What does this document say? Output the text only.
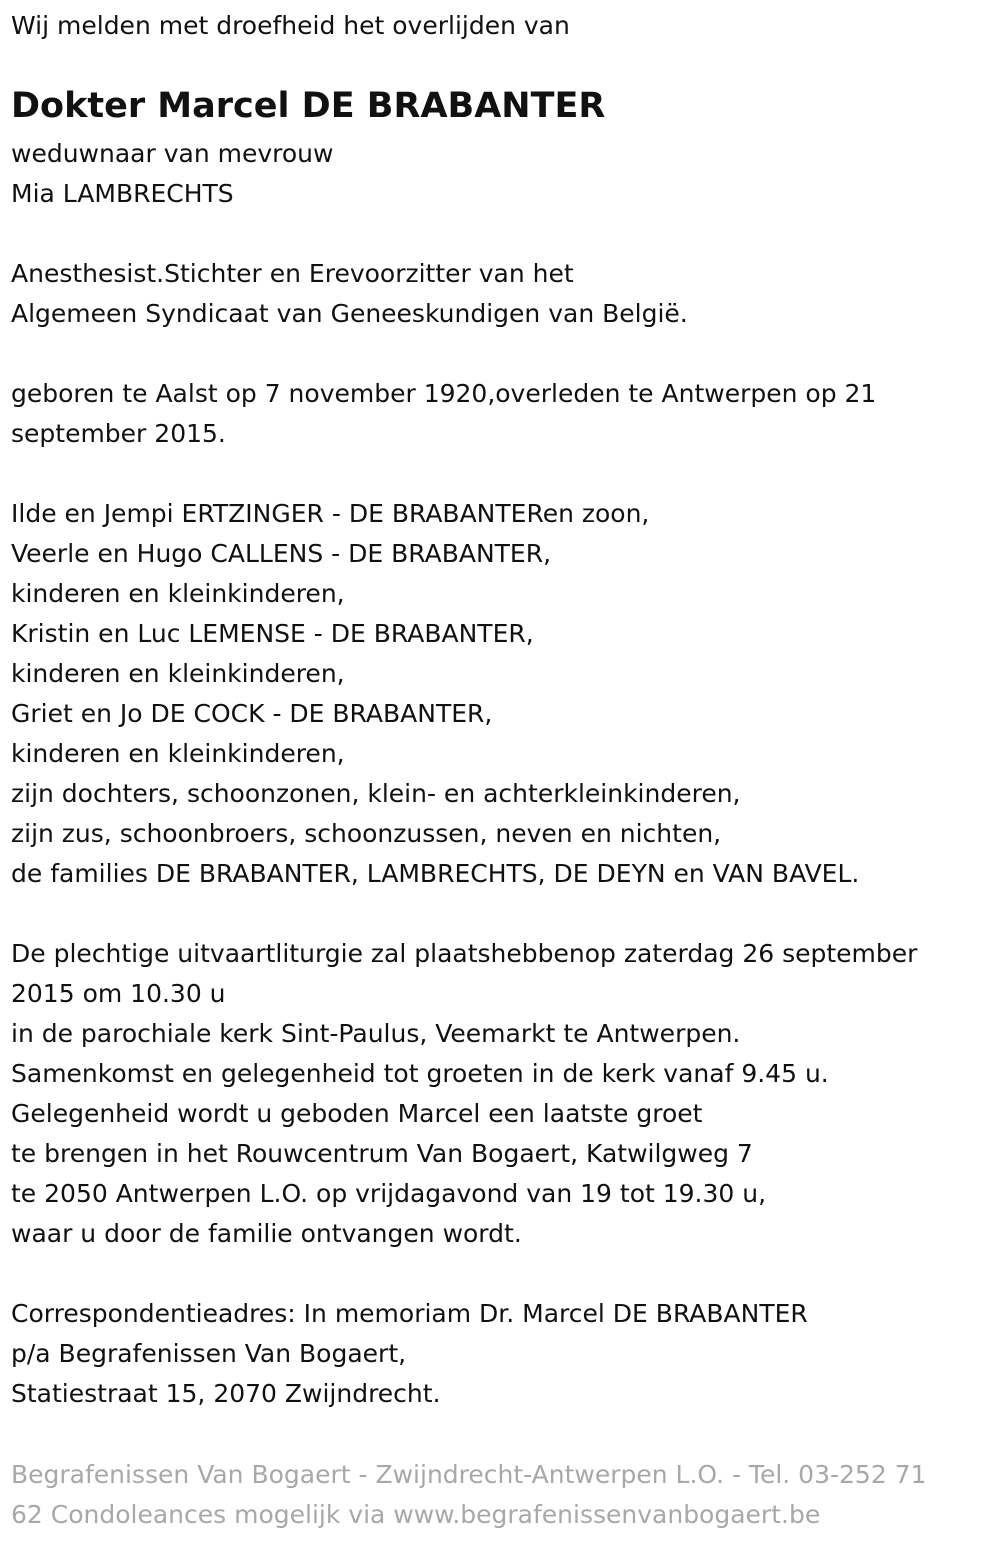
Wij melden met droefheid het overlijden van
Dokter Marcel DE BRABANTER
weduwnaar van mevrouw
Mia LAMBRECHTS
Anesthesist.Stichter en Erevoorzitter van het
Algemeen Syndicaat van Geneeskundigen van België.
geboren te Aalst op 7 november 1920,overleden te Antwerpen op 21
september 2015.
Ilde en Jempi ERTZINGER - DE BRABANTERen zoon,
Veerle en Hugo CALLENS - DE BRABANTER,
kinderen en kleinkinderen,
Kristin en Luc LEMENSE - DE BRABANTER,
kinderen en kleinkinderen,
Griet en Jo DE COCK - DE BRABANTER,
kinderen en kleinkinderen,
zijn dochters, schoonzonen, klein- en achterkleinkinderen,
zijn zus, schoonbroers, schoonzussen, neven en nichten,
de families DE BRABANTER, LAMBRECHTS, DE DEYN en VAN BAVEL.
De plechtige uitvaartliturgie zal plaatshebbenop zaterdag 26 september
2015 om 10.30 u
in de parochiale kerk Sint-Paulus, Veemarkt te Antwerpen.
Samenkomst en gelegenheid tot groeten in de kerk vanaf 9.45 u.
Gelegenheid wordt u geboden Marcel een laatste groet
te brengen in het Rouwcentrum Van Bogaert, Katwilgweg 7
te 2050 Antwerpen L.O. op vrijdagavond van 19 tot 19.30 u,
waar u door de familie ontvangen wordt.
Correspondentieadres: In memoriam Dr. Marcel DE BRABANTER
p/a Begrafenissen Van Bogaert,
Statiestraat 15, 2070 Zwijndrecht.
Begrafenissen Van Bogaert - Zwijndrecht-Antwerpen L.O. - Tel. 03-252 71
62 Condoleances mogelijk via www.begrafenissenvanbogaert.be
